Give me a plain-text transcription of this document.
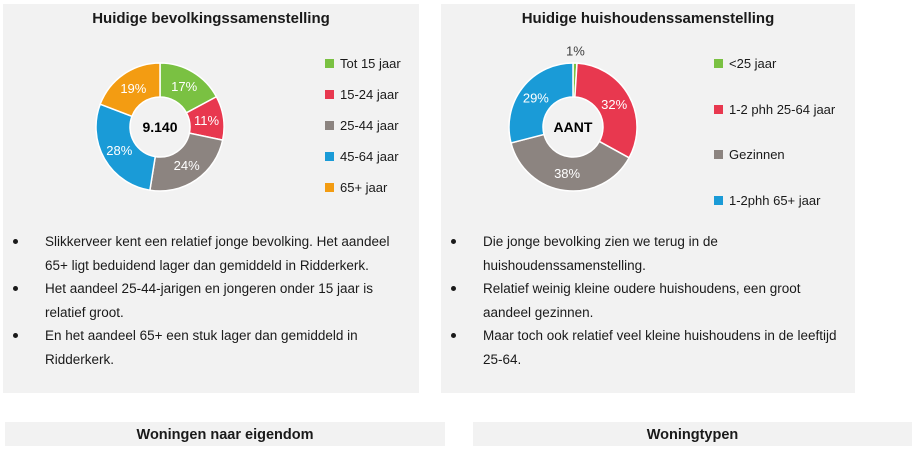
Huidige bevolkingssamenstelling
17%
11%
24%
28%
19%
9.140
Tot 15 jaar
15-24 jaar
25-44 jaar
45-64 jaar
65+ jaar
Slikkerveer kent een relatief jonge bevolking. Het aandeel 65+ ligt beduidend lager dan gemiddeld in Ridderkerk.
Het aandeel 25-44-jarigen en jongeren onder 15 jaar is relatief groot.
En het aandeel 65+ een stuk lager dan gemiddeld in Ridderkerk.
Huidige huishoudenssamenstelling
1%
32%
38%
29%
AANT
<25 jaar
1-2 phh 25-64 jaar
Gezinnen
1-2phh 65+ jaar
Die jonge bevolking zien we terug in de huishoudenssamenstelling.
Relatief weinig kleine oudere huishoudens, een groot aandeel gezinnen.
Maar toch ook relatief veel kleine huishoudens in de leeftijd 25-64.
Woningen naar eigendom	Woningtypen
